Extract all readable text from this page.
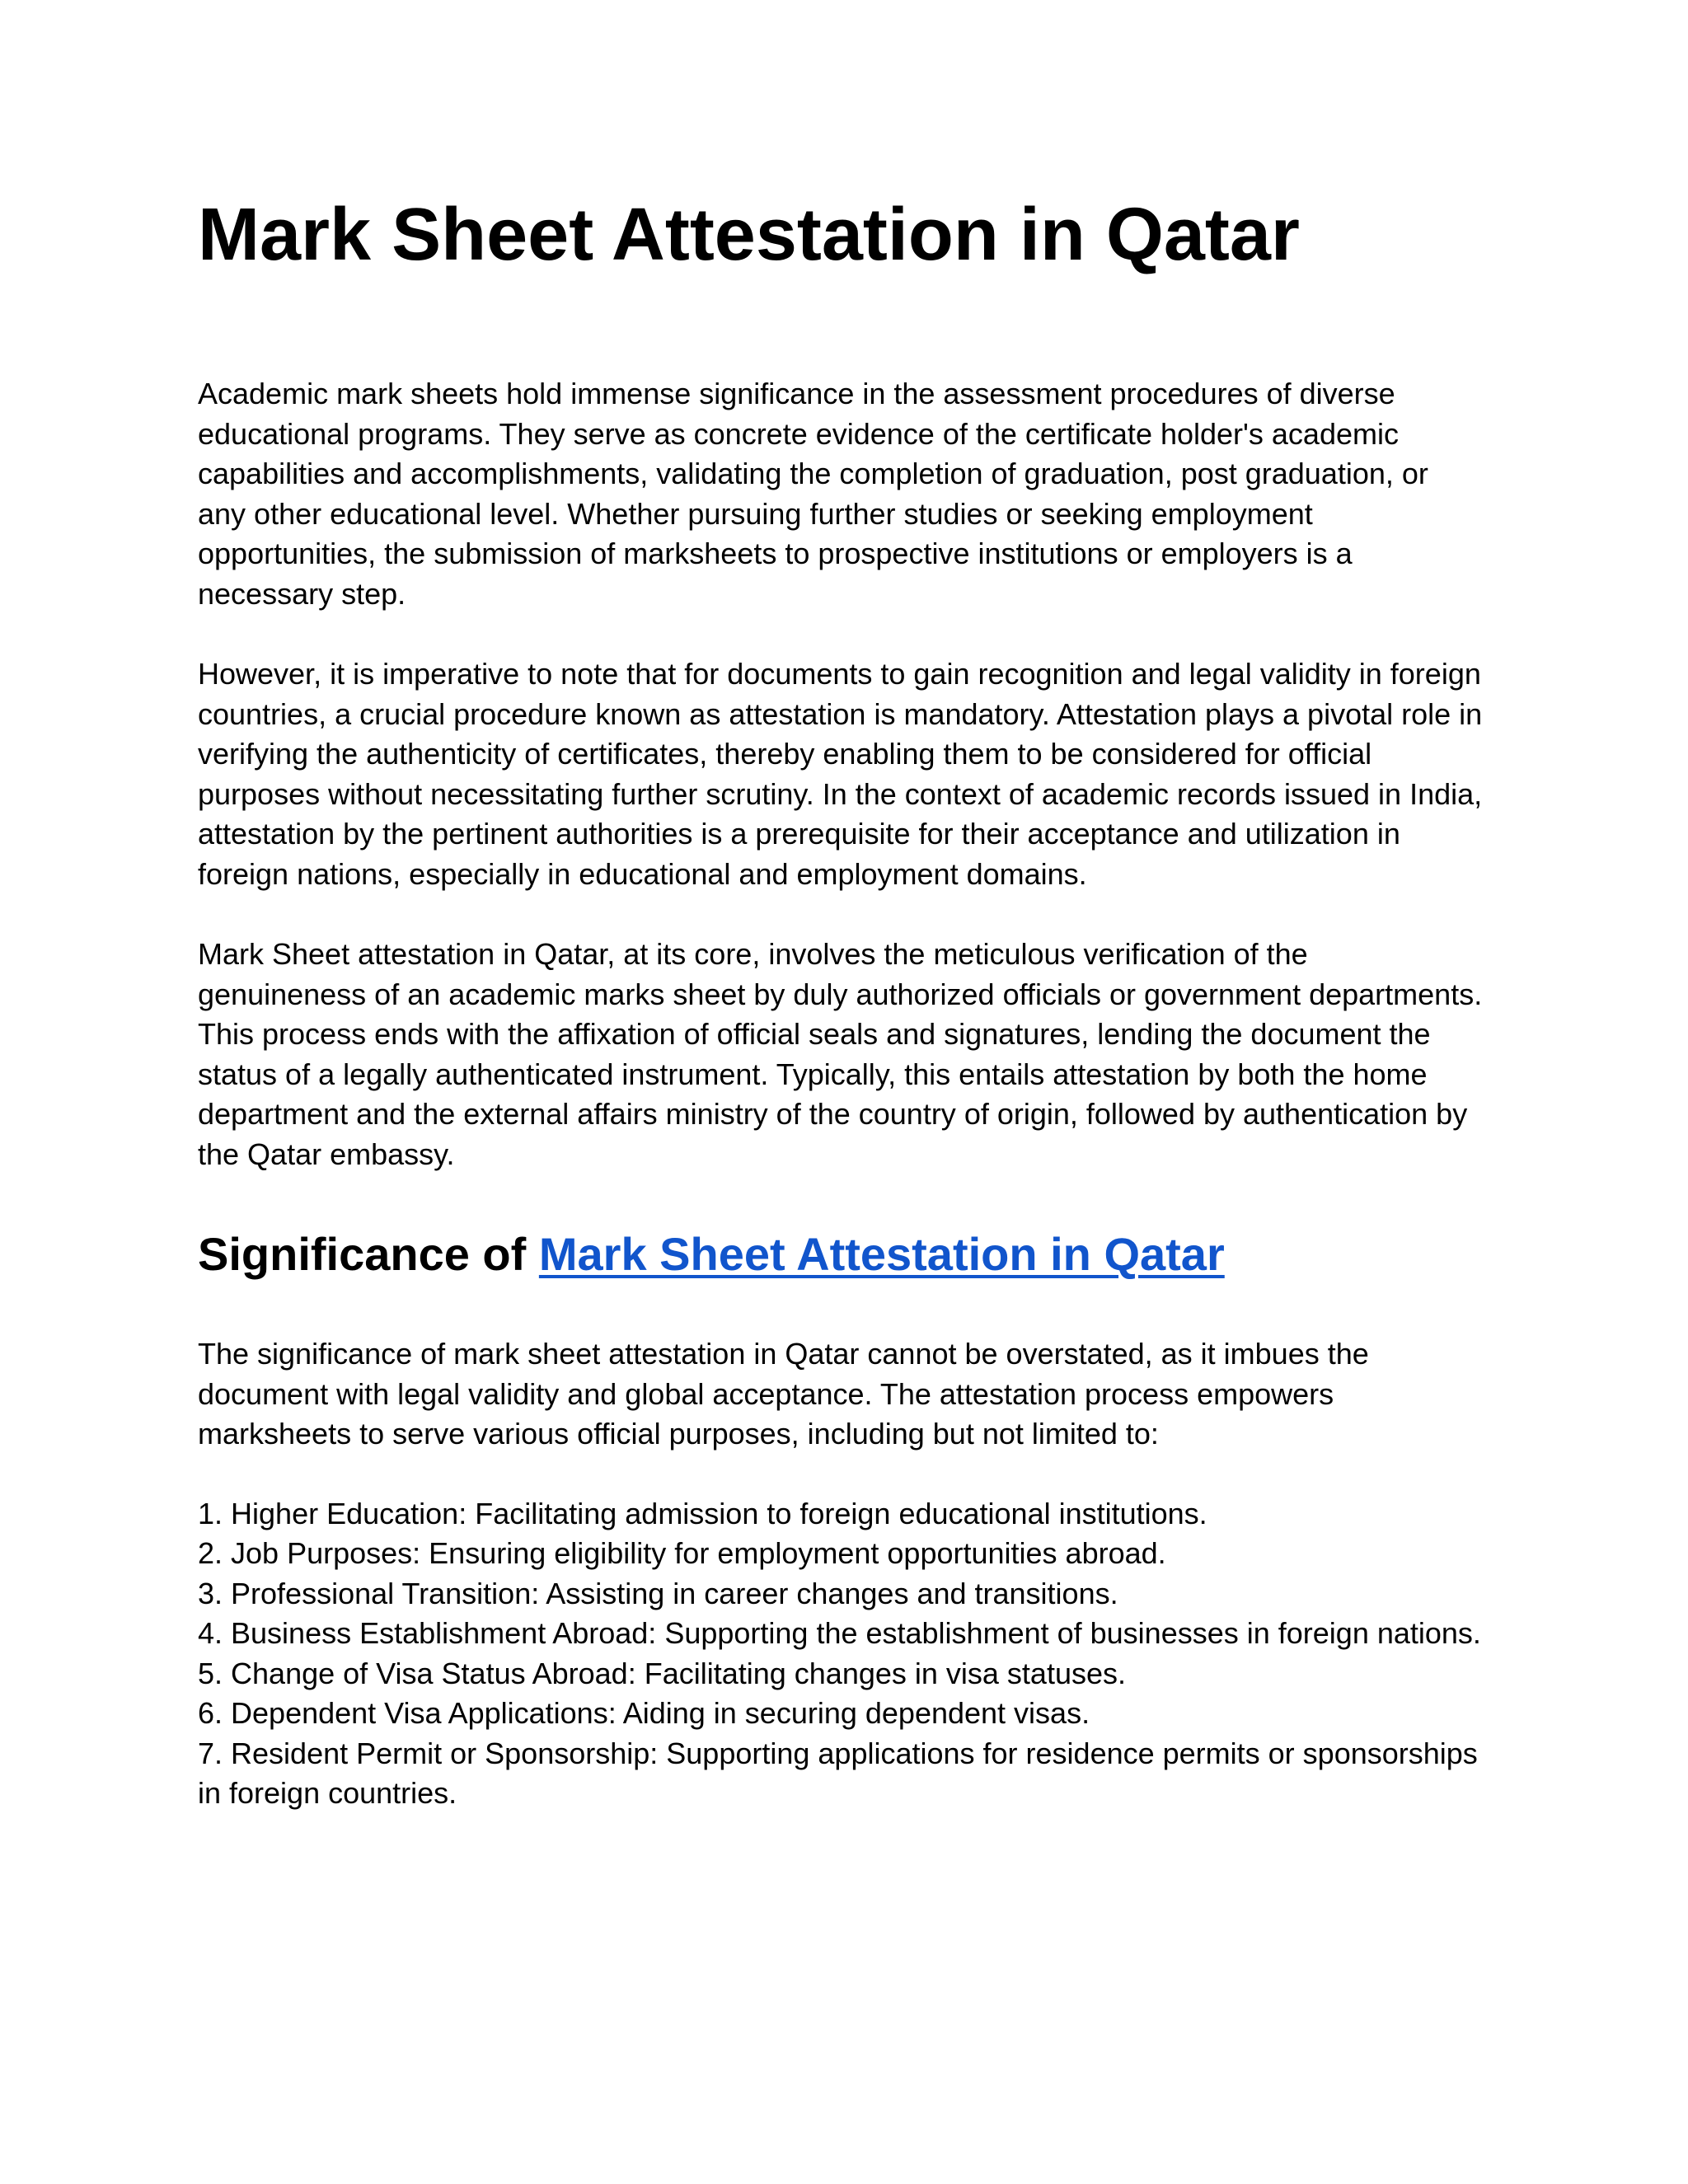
Mark Sheet Attestation in Qatar

Academic mark sheets hold immense significance in the assessment procedures of diverse educational programs. They serve as concrete evidence of the certificate holder's academic capabilities and accomplishments, validating the completion of graduation, post graduation, or any other educational level. Whether pursuing further studies or seeking employment opportunities, the submission of marksheets to prospective institutions or employers is a necessary step.

However, it is imperative to note that for documents to gain recognition and legal validity in foreign countries, a crucial procedure known as attestation is mandatory. Attestation plays a pivotal role in verifying the authenticity of certificates, thereby enabling them to be considered for official purposes without necessitating further scrutiny. In the context of academic records issued in India, attestation by the pertinent authorities is a prerequisite for their acceptance and utilization in foreign nations, especially in educational and employment domains.

Mark Sheet attestation in Qatar, at its core, involves the meticulous verification of the genuineness of an academic marks sheet by duly authorized officials or government departments. This process ends with the affixation of official seals and signatures, lending the document the status of a legally authenticated instrument. Typically, this entails attestation by both the home department and the external affairs ministry of the country of origin, followed by authentication by the Qatar embassy.

Significance of Mark Sheet Attestation in Qatar

The significance of mark sheet attestation in Qatar cannot be overstated, as it imbues the document with legal validity and global acceptance. The attestation process empowers marksheets to serve various official purposes, including but not limited to:

1. Higher Education: Facilitating admission to foreign educational institutions.
2. Job Purposes: Ensuring eligibility for employment opportunities abroad.
3. Professional Transition: Assisting in career changes and transitions.
4. Business Establishment Abroad: Supporting the establishment of businesses in foreign nations.
5. Change of Visa Status Abroad: Facilitating changes in visa statuses.
6. Dependent Visa Applications: Aiding in securing dependent visas.
7. Resident Permit or Sponsorship: Supporting applications for residence permits or sponsorships in foreign countries.
